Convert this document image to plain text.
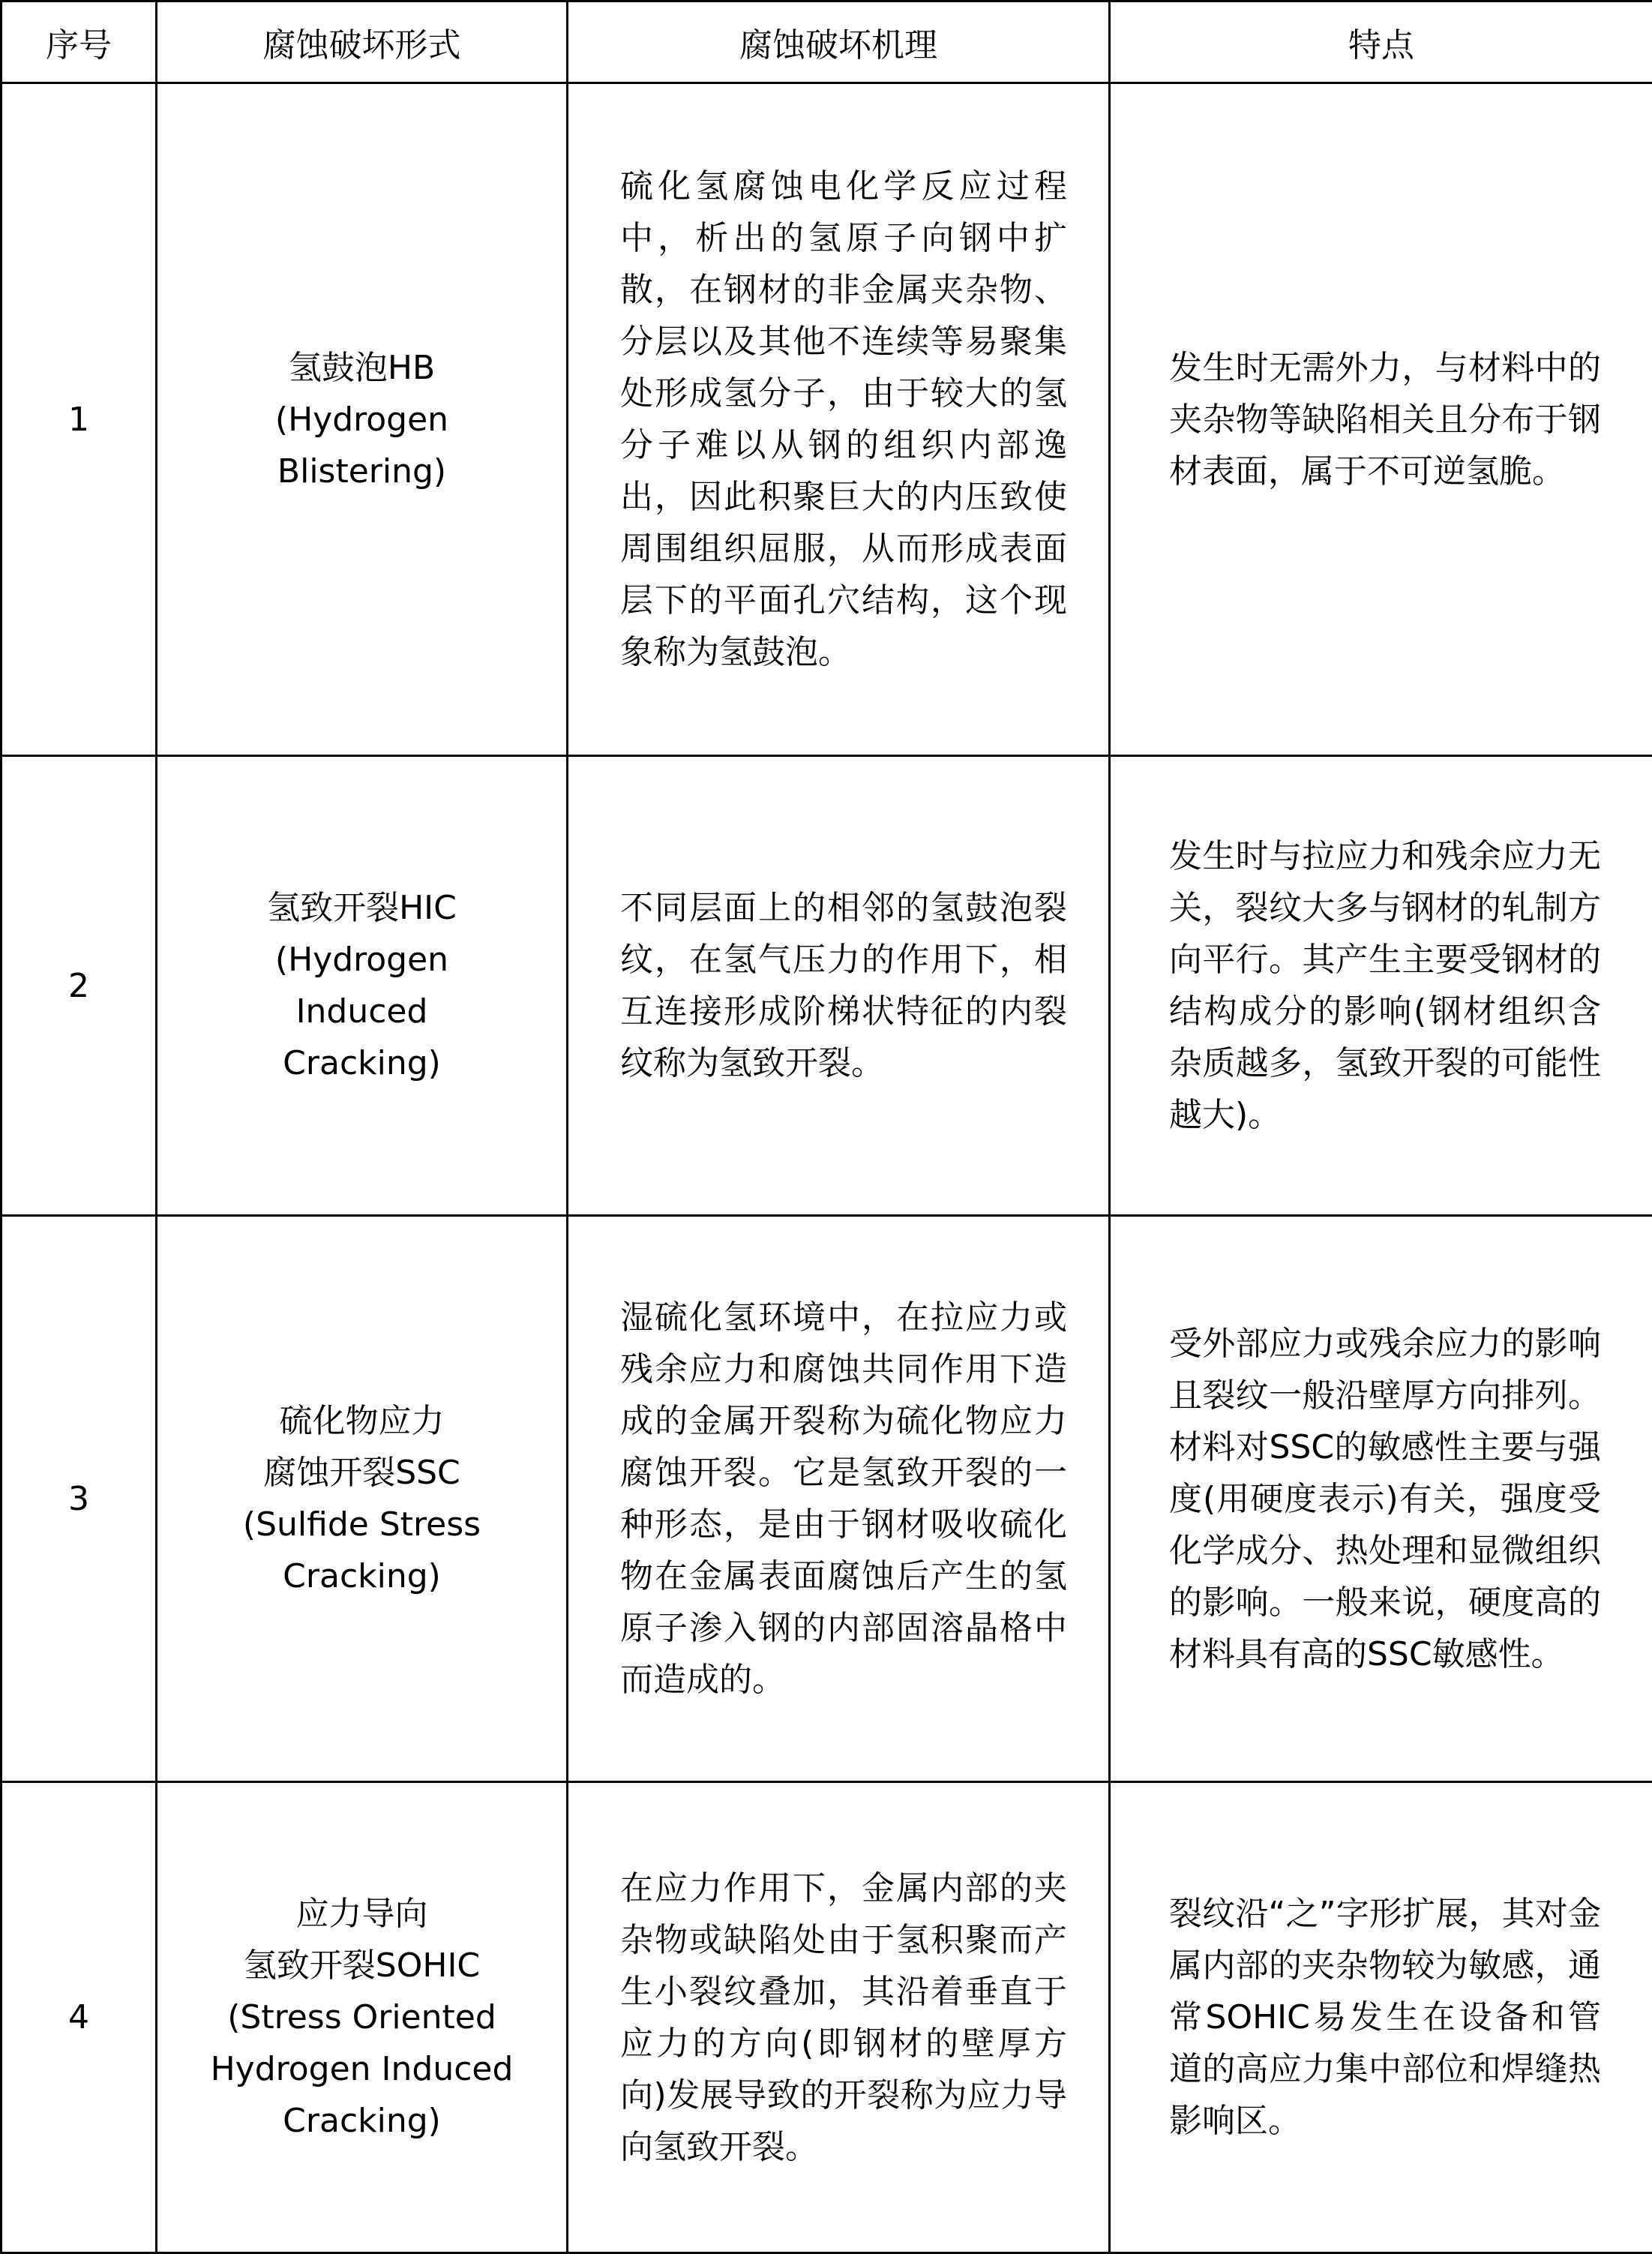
序号	腐蚀破坏形式	腐蚀破坏机理	特点
1	氢鼓泡HB
(Hydrogen
Blistering)	硫化氢腐蚀电化学反应过程中，析出的氢原子向钢中扩散，在钢材的非金属夹杂物、分层以及其他不连续等易聚集处形成氢分子，由于较大的氢分子难以从钢的组织内部逸出，因此积聚巨大的内压致使周围组织屈服，从而形成表面层下的平面孔穴结构，这个现象称为氢鼓泡。	发生时无需外力，与材料中的夹杂物等缺陷相关且分布于钢材表面，属于不可逆氢脆。

2	氢致开裂HIC
(Hydrogen
Induced
Cracking)	不同层面上的相邻的氢鼓泡裂纹，在氢气压力的作用下，相互连接形成阶梯状特征的内裂纹称为氢致开裂。	发生时与拉应力和残余应力无关，裂纹大多与钢材的轧制方向平行。其产生主要受钢材的结构成分的影响(钢材组织含杂质越多，氢致开裂的可能性越大)。

3	硫化物应力
腐蚀开裂SSC
(Sulfide Stress
Cracking)	湿硫化氢环境中，在拉应力或残余应力和腐蚀共同作用下造成的金属开裂称为硫化物应力腐蚀开裂。它是氢致开裂的一种形态，是由于钢材吸收硫化物在金属表面腐蚀后产生的氢原子渗入钢的内部固溶晶格中而造成的。	受外部应力或残余应力的影响且裂纹一般沿壁厚方向排列。材料对SSC的敏感性主要与强度(用硬度表示)有关，强度受化学成分、热处理和显微组织的影响。一般来说，硬度高的材料具有高的SSC敏感性。

4	应力导向
氢致开裂SOHIC
(Stress Oriented
Hydrogen Induced
Cracking)	在应力作用下，金属内部的夹杂物或缺陷处由于氢积聚而产生小裂纹叠加，其沿着垂直于应力的方向(即钢材的壁厚方向)发展导致的开裂称为应力导向氢致开裂。	裂纹沿“之”字形扩展，其对金属内部的夹杂物较为敏感，通常SOHIC易发生在设备和管道的高应力集中部位和焊缝热影响区。
